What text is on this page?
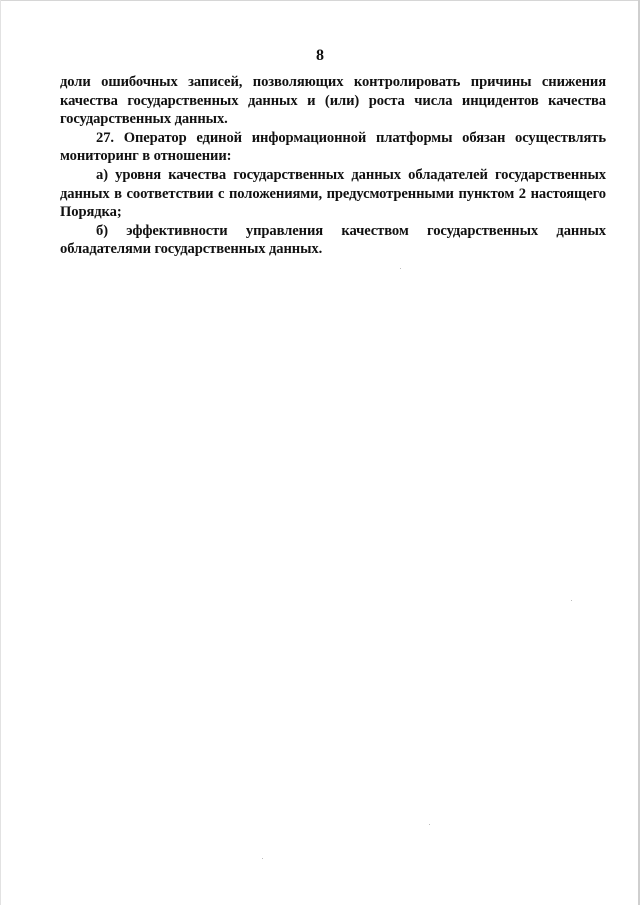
8

доли ошибочных записей, позволяющих контролировать причины снижения качества государственных данных и (или) роста числа инцидентов качества государственных данных.

27. Оператор единой информационной платформы обязан осуществлять мониторинг в отношении:

а) уровня качества государственных данных обладателей государственных данных в соответствии с положениями, предусмотренными пунктом 2 настоящего Порядка;

б) эффективности управления качеством государственных данных обладателями государственных данных.
